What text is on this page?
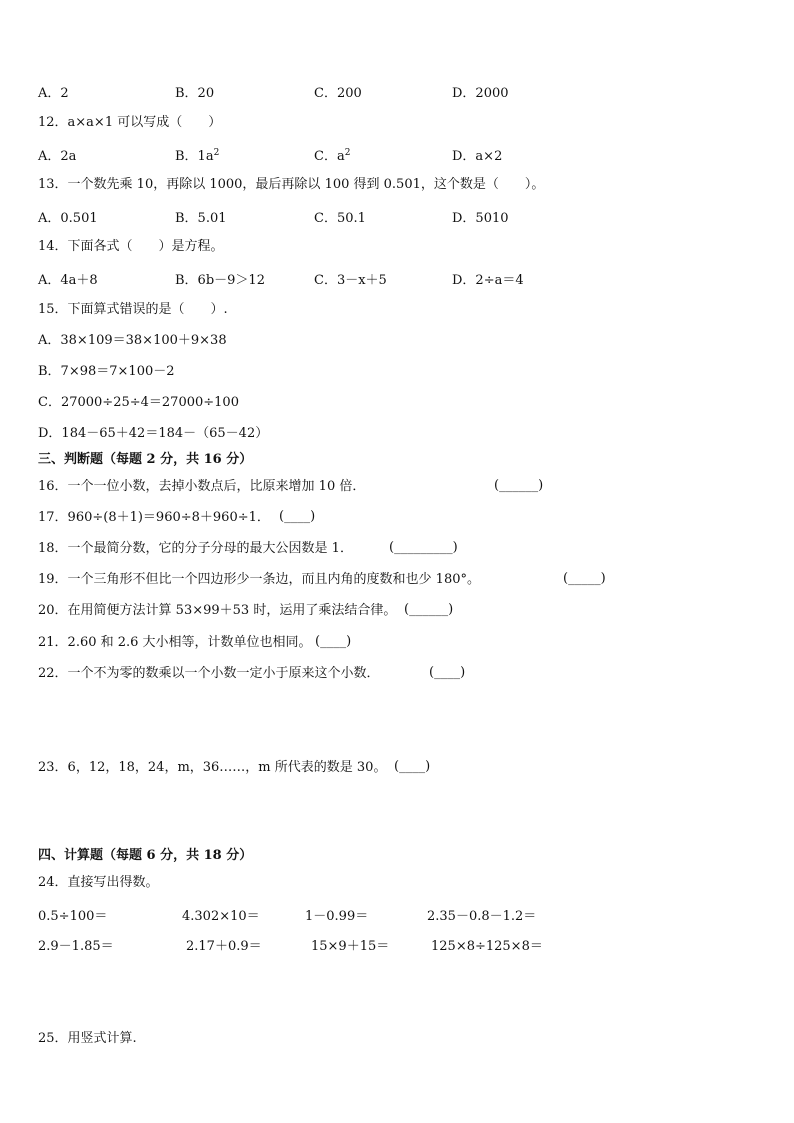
A．2	B．20	C．200	D．2000
12．a×a×1 可以写成（　　）
A．2a	B．$1a^2$	C．$a^2$	D．a×2
13．一个数先乘 10，再除以 1000，最后再除以 100 得到 0.501，这个数是（　　）。
A．0.501	B．5.01	C．50.1	D．5010
14．下面各式（　　）是方程。
A．4a＋8	B．6b－9＞12	C．3－x＋5	D．2÷a＝4
15．下面算式错误的是（　　）.
A．38×109＝38×100＋9×38
B．7×98＝7×100－2
C．27000÷25÷4＝27000÷100
D．184－65＋42＝184－（65－42）
三、判断题（每题 2 分，共 16 分）
16．一个一位小数，去掉小数点后，比原来增加 10 倍．	(______)
17．960÷(8＋1)＝960÷8＋960÷1． (____)
18．一个最简分数，它的分子分母的最大公因数是 1．	(_________)
19．一个三角形不但比一个四边形少一条边，而且内角的度数和也少 180°。	(_____)
20．在用简便方法计算 53×99＋53 时，运用了乘法结合律。 (______)
21．2.60 和 2.6 大小相等，计数单位也相同。 (____)
22．一个不为零的数乘以一个小数一定小于原来这个小数．	(____)
23．6，12，18，24，m，36……，m 所代表的数是 30。 (____)
四、计算题（每题 6 分，共 18 分）
24．直接写出得数。
0.5÷100＝	4.302×10＝	1－0.99＝	2.35－0.8－1.2＝
2.9－1.85＝	2.17＋0.9＝	15×9＋15＝	125×8÷125×8＝
25．用竖式计算.
